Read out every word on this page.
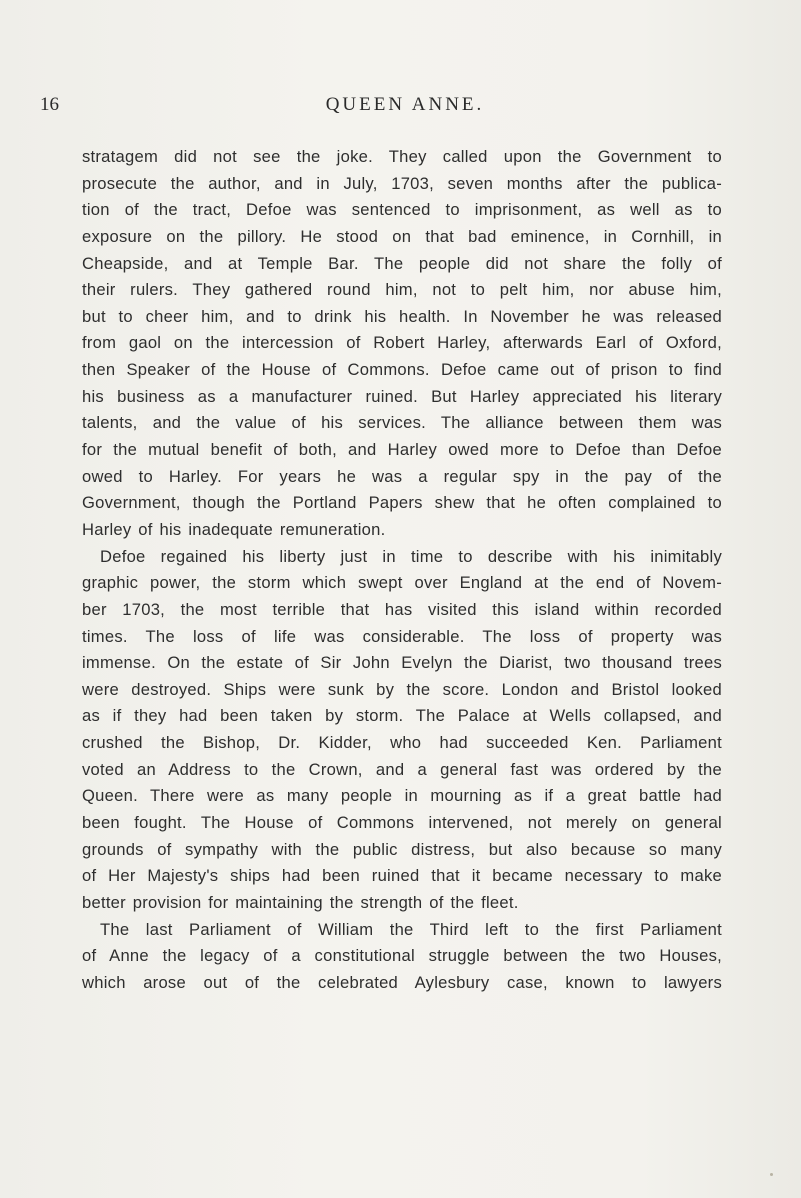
16	QUEEN ANNE.
stratagem did not see the joke. They called upon the Government to
prosecute the author, and in July, 1703, seven months after the publica-
tion of the tract, Defoe was sentenced to imprisonment, as well as to
exposure on the pillory. He stood on that bad eminence, in Cornhill, in
Cheapside, and at Temple Bar. The people did not share the folly of
their rulers. They gathered round him, not to pelt him, nor abuse him,
but to cheer him, and to drink his health. In November he was released
from gaol on the intercession of Robert Harley, afterwards Earl of Oxford,
then Speaker of the House of Commons. Defoe came out of prison to find
his business as a manufacturer ruined. But Harley appreciated his literary
talents, and the value of his services. The alliance between them was
for the mutual benefit of both, and Harley owed more to Defoe than Defoe
owed to Harley. For years he was a regular spy in the pay of the
Government, though the Portland Papers shew that he often complained to
Harley of his inadequate remuneration.
Defoe regained his liberty just in time to describe with his inimitably
graphic power, the storm which swept over England at the end of Novem-
ber 1703, the most terrible that has visited this island within recorded
times. The loss of life was considerable. The loss of property was
immense. On the estate of Sir John Evelyn the Diarist, two thousand trees
were destroyed. Ships were sunk by the score. London and Bristol looked
as if they had been taken by storm. The Palace at Wells collapsed, and
crushed the Bishop, Dr. Kidder, who had succeeded Ken. Parliament
voted an Address to the Crown, and a general fast was ordered by the
Queen. There were as many people in mourning as if a great battle had
been fought. The House of Commons intervened, not merely on general
grounds of sympathy with the public distress, but also because so many
of Her Majesty's ships had been ruined that it became necessary to make
better provision for maintaining the strength of the fleet.
The last Parliament of William the Third left to the first Parliament
of Anne the legacy of a constitutional struggle between the two Houses,
which arose out of the celebrated Aylesbury case, known to lawyers
